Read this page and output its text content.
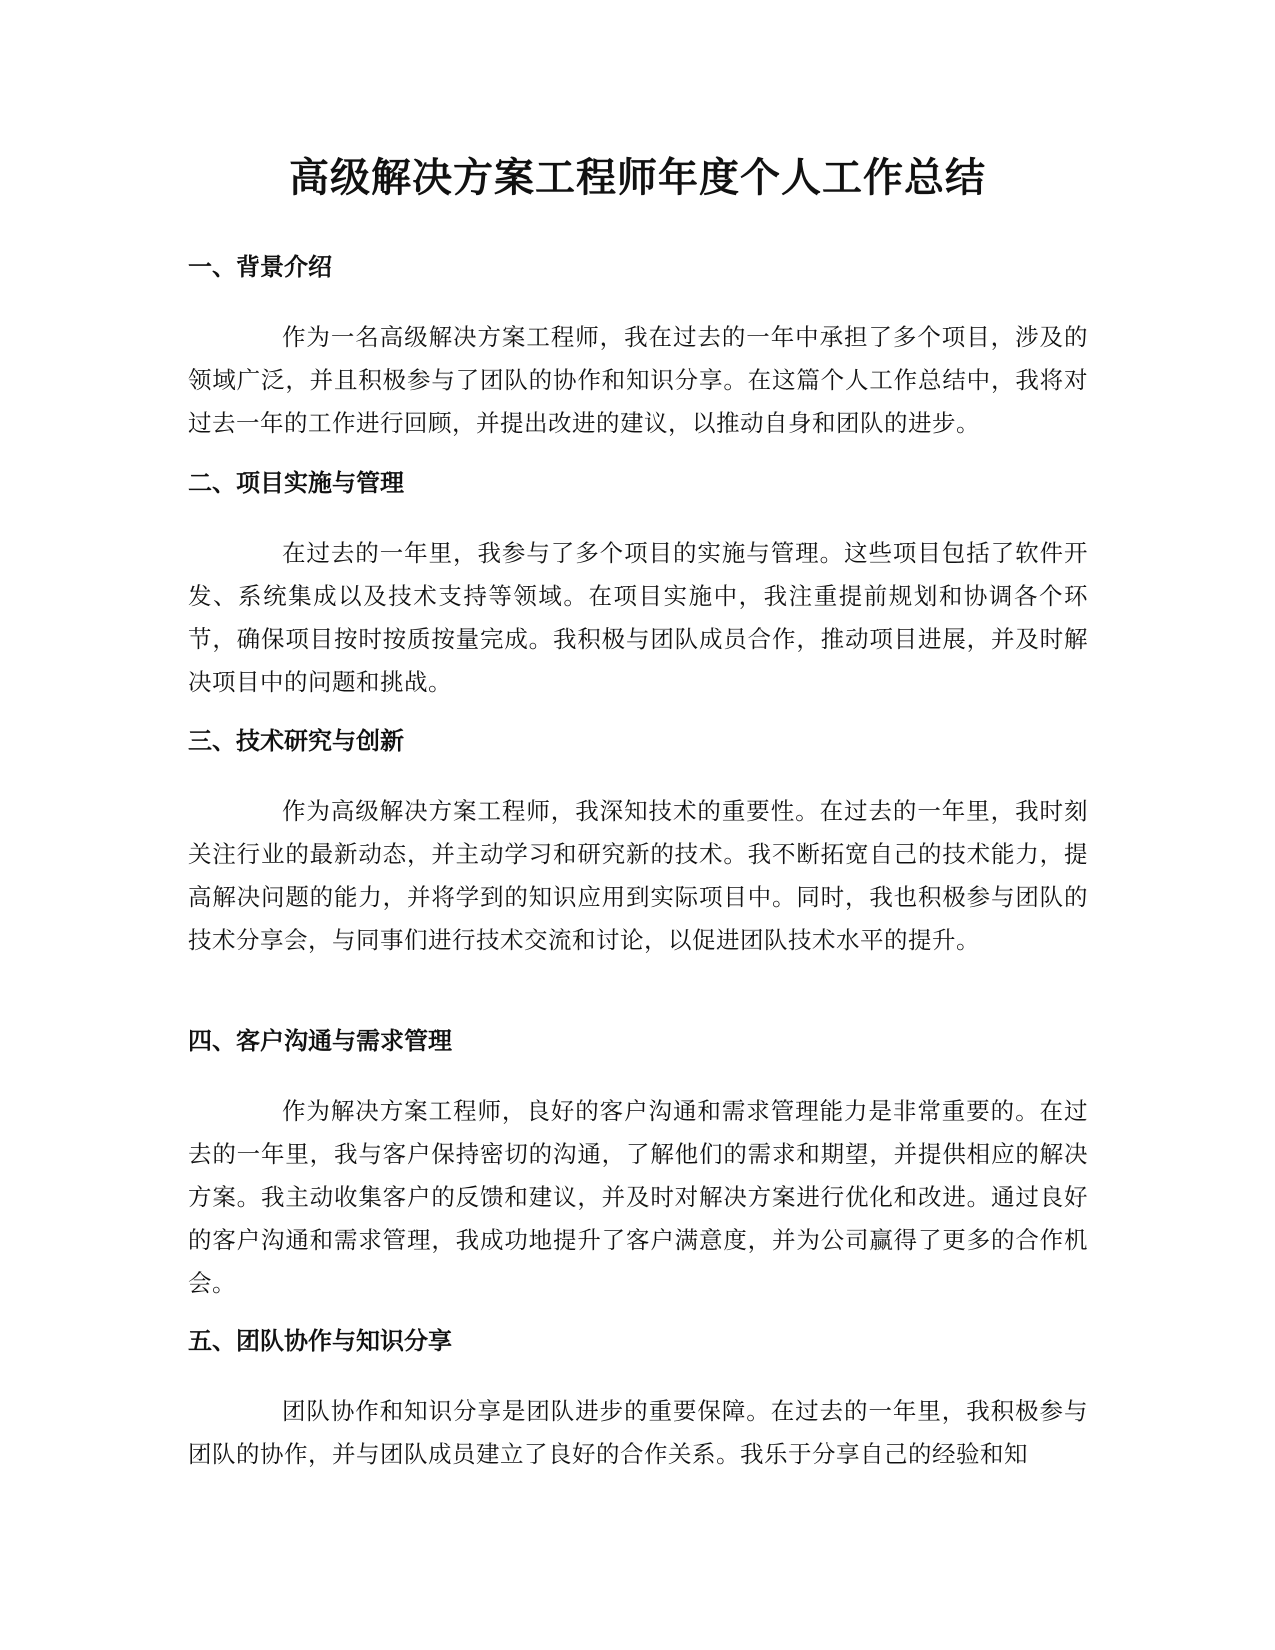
高级解决方案工程师年度个人工作总结
一、背景介绍

作为一名高级解决方案工程师，我在过去的一年中承担了多个项目，涉及的领域广泛，并且积极参与了团队的协作和知识分享。在这篇个人工作总结中，我将对过去一年的工作进行回顾，并提出改进的建议，以推动自身和团队的进步。

二、项目实施与管理

在过去的一年里，我参与了多个项目的实施与管理。这些项目包括了软件开发、系统集成以及技术支持等领域。在项目实施中，我注重提前规划和协调各个环节，确保项目按时按质按量完成。我积极与团队成员合作，推动项目进展，并及时解决项目中的问题和挑战。

三、技术研究与创新

作为高级解决方案工程师，我深知技术的重要性。在过去的一年里，我时刻关注行业的最新动态，并主动学习和研究新的技术。我不断拓宽自己的技术能力，提高解决问题的能力，并将学到的知识应用到实际项目中。同时，我也积极参与团队的技术分享会，与同事们进行技术交流和讨论，以促进团队技术水平的提升。

四、客户沟通与需求管理

作为解决方案工程师，良好的客户沟通和需求管理能力是非常重要的。在过去的一年里，我与客户保持密切的沟通，了解他们的需求和期望，并提供相应的解决方案。我主动收集客户的反馈和建议，并及时对解决方案进行优化和改进。通过良好的客户沟通和需求管理，我成功地提升了客户满意度，并为公司赢得了更多的合作机会。

五、团队协作与知识分享

团队协作和知识分享是团队进步的重要保障。在过去的一年里，我积极参与团队的协作，并与团队成员建立了良好的合作关系。我乐于分享自己的经验和知
